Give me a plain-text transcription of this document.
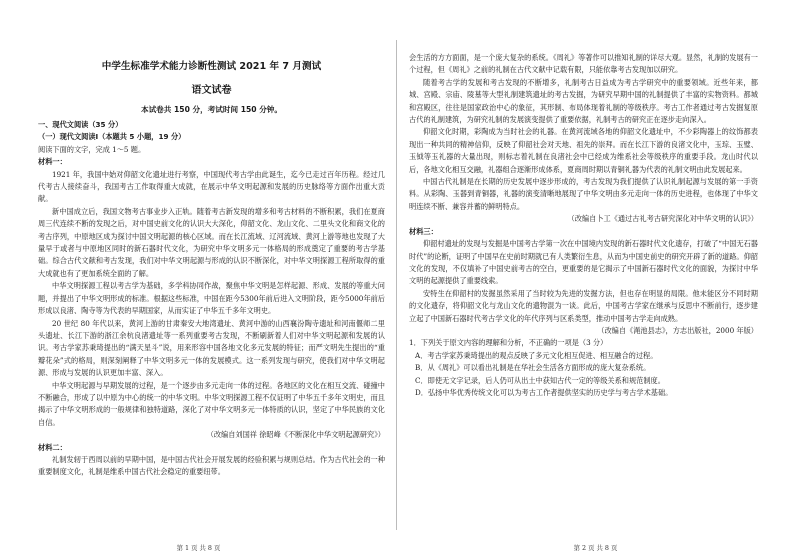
中学生标准学术能力诊断性测试 2021 年 7 月测试
语文试卷
本试卷共 150 分，考试时间 150 分钟。

一、现代文阅读（35 分）

（一）现代文阅读Ⅰ（本题共 5 小题，19 分）

阅读下面的文字，完成 1～5 题。

材料一：

1921 年，我国中始对仰韶文化遗址进行考察，中国现代考古学由此诞生，迄今已走过百年历程。经过几代考古人接续奋斗，我国考古工作取得重大成就，在展示中华文明起源和发展的历史脉络等方面作出重大贡献。

新中国成立后，我国文物考古事业步入正轨。随着考古新发现的增多和考古材料的不断积累，我们在夏商周三代连续不断的发现之后，对中国史前文化的认识大大深化，仰韶文化、龙山文化、二里头文化和商文化的考古序列，中原地区成为探讨中国文明起源的核心区域。而在长江流域、辽河流域、黄河上游等地也发现了大量早于或者与中原地区同时的新石器时代文化，为研究中华文明多元一体格局的形成奠定了重要的考古学基础。综合古代文献和考古发现，我们对中华文明起源与形成的认识不断深化，对中华文明探源工程所取得的重大成就也有了更加系统全面的了解。

中华文明探源工程以考古学为基础，多学科协同作战，聚焦中华文明是怎样起源、形成、发展的等重大问题，并提出了中华文明形成的标准。根据这些标准，中国在距今5300年前后进入文明阶段，距今5000年前后形成以良渚、陶寺等为代表的早期国家，从而实证了中华五千多年文明史。

20 世纪 80 年代以来，黄河上游的甘肃秦安大地湾遗址、黄河中游的山西襄汾陶寺遗址和河南偃师二里头遗址、长江下游的浙江余杭良渚遗址等一系列重要考古发现，不断刷新着人们对中华文明起源和发展的认识。考古学家苏秉琦提出的“满天星斗”说，用来形容中国各地文化多元发展的特征；而严文明先生提出的“重瓣花朵”式的格局，则深刻阐释了中华文明多元一体的发展模式。这一系列发现与研究，使我们对中华文明起源、形成与发展的认识更加丰富、深入。

中华文明起源与早期发展的过程，是一个逐步由多元走向一体的过程。各地区的文化在相互交流、碰撞中不断融合，形成了以中原为中心的统一的中华文明。中华文明探源工程不仅证明了中华五千多年文明史，而且揭示了中华文明形成的一般规律和独特道路，深化了对中华文明多元一体特质的认识，坚定了中华民族的文化自信。

（改编自刘国祥 徐昭峰《不断深化中华文明起源研究》）

材料二：

礼制发轫于西周以前的早期中国，是中国古代社会开展发展的经验积累与规则总结。作为古代社会的一种重要制度文化，礼制是维系中国古代社会稳定的重要纽带。

第 1 页 共 8 页

会生活的方方面面，是一个庞大复杂的系统。《周礼》等著作可以推知礼制的详尽大观。显然，礼制的发展有一个过程，但《周礼》之前的礼制在古代文献中记载有限，只能依靠考古发现加以研究。

随着考古学的发展和考古发现的不断增多，礼制考古日益成为考古学研究中的重要领域。近些年来，都城、宫殿、宗庙、陵墓等大型礼制建筑遗址的考古发掘，为研究早期中国的礼制提供了丰富的实物资料。都城和宫殿区，往往是国家政治中心的象征，其形制、布局体现着礼制的等级秩序。考古工作者通过考古发掘复原古代的礼制建筑，为研究礼制的发展演变提供了重要依据，礼制考古的研究正在逐步走向深入。

仰韶文化时期，彩陶成为当时社会的礼器。在黄河流域各地的仰韶文化遗址中，不少彩陶器上的纹饰都表现出一种共同的精神信仰，反映了仰韶社会对天地、祖先的崇拜。而在长江下游的良渚文化中，玉琮、玉璧、玉钺等玉礼器的大量出现，则标志着礼制在良渚社会中已经成为维系社会等级秩序的重要手段。龙山时代以后，各地文化相互交融，礼器组合逐渐形成体系，夏商周时期以青铜礼器为代表的礼制文明由此发展起来。

中国古代礼制是在长期的历史发展中逐步形成的，考古发现为我们提供了认识礼制起源与发展的第一手资料。从彩陶、玉器到青铜器，礼器的演变清晰地展现了中华文明由多元走向一体的历史进程，也体现了中华文明连续不断、兼容并蓄的鲜明特点。

（改编自卜工《通过古礼考古研究深化对中华文明的认识》）

材料三：

仰韶村遗址的发现与发掘是中国考古学第一次在中国境内发现的新石器时代文化遗存，打破了“中国无石器时代”的论断，证明了中国早在史前时期就已有人类繁衍生息，从而为中国史前史的研究开辟了新的道路。仰韶文化的发现，不仅填补了中国史前考古的空白，更重要的是它揭示了中国新石器时代文化的面貌，为探讨中华文明的起源提供了重要线索。

安特生在仰韶村的发掘虽然采用了当时较为先进的发掘方法，但也存在明显的局限。他未能区分不同时期的文化遗存，将仰韶文化与龙山文化的遗物混为一谈。此后，中国考古学家在继承与反思中不断前行，逐步建立起了中国新石器时代考古学文化的年代序列与区系类型，推动中国考古学走向成熟。

（改编自《渑池县志》，方志出版社，2000 年版）

1．下列关于原文内容的理解和分析，不正确的一项是（3 分）

A．考古学家苏秉琦提出的观点反映了多元文化相互促进、相互融合的过程。

B．从《周礼》可以看出礼制是在华社会生活各方面形成的庞大复杂系统。

C．即使无文字记录，后人仍可从出土中获知古代一定的等级关系和规范制度。

D．弘扬中华优秀传统文化可以为考古工作者提供坚实的历史学与考古学术基础。

第 2 页 共 8 页
